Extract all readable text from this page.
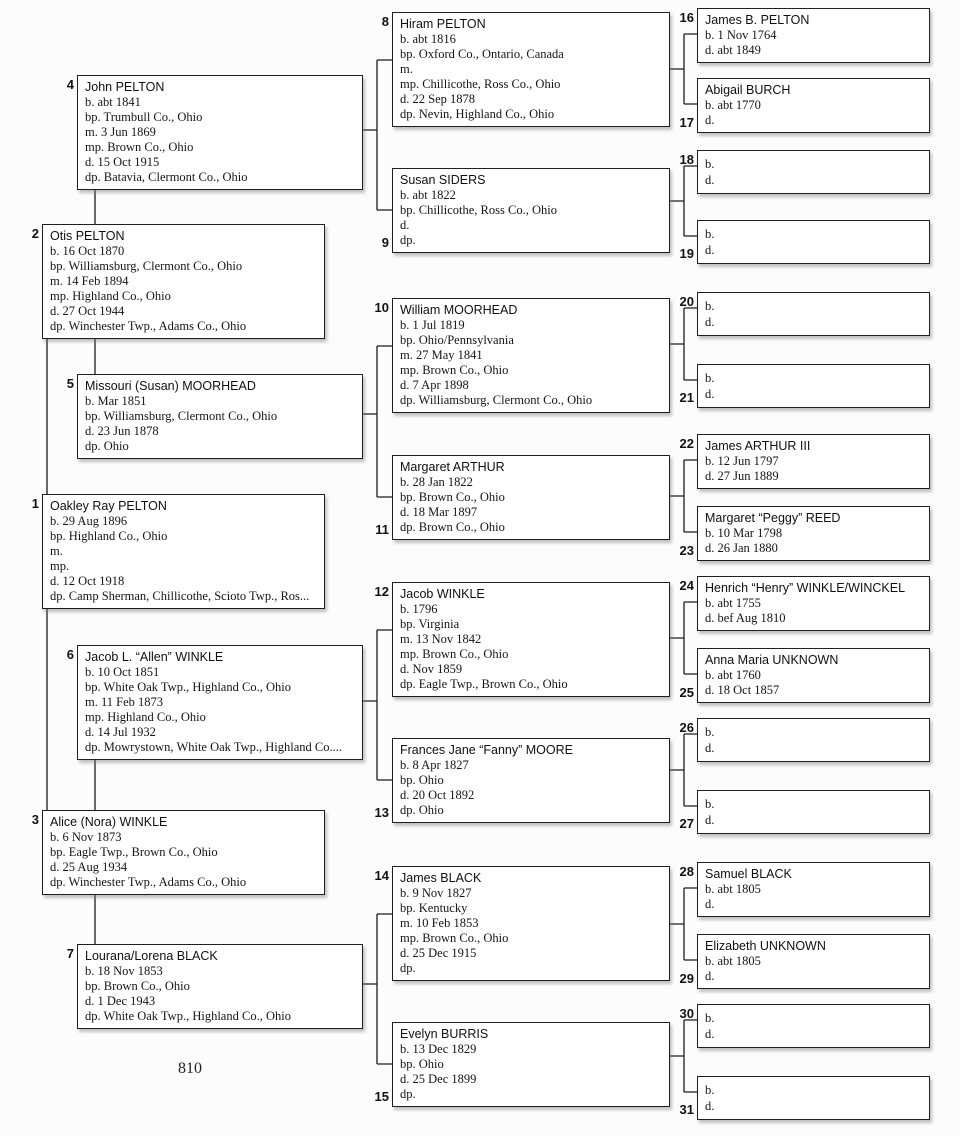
810
1 Oakley Ray PELTON
b. 29 Aug 1896
bp. Highland Co., Ohio
m.
mp.
d. 12 Oct 1918
dp. Camp Sherman, Chillicothe, Scioto Twp., Ros...
2 Otis PELTON
b. 16 Oct 1870
bp. Williamsburg, Clermont Co., Ohio
m. 14 Feb 1894
mp. Highland Co., Ohio
d. 27 Oct 1944
dp. Winchester Twp., Adams Co., Ohio
3 Alice (Nora) WINKLE
b. 6 Nov 1873
bp. Eagle Twp., Brown Co., Ohio
d. 25 Aug 1934
dp. Winchester Twp., Adams Co., Ohio
4 John PELTON
b. abt 1841
bp. Trumbull Co., Ohio
m. 3 Jun 1869
mp. Brown Co., Ohio
d. 15 Oct 1915
dp. Batavia, Clermont Co., Ohio
5 Missouri (Susan) MOORHEAD
b. Mar 1851
bp. Williamsburg, Clermont Co., Ohio
d. 23 Jun 1878
dp. Ohio
6 Jacob L. “Allen” WINKLE
b. 10 Oct 1851
bp. White Oak Twp., Highland Co., Ohio
m. 11 Feb 1873
mp. Highland Co., Ohio
d. 14 Jul 1932
dp. Mowrystown, White Oak Twp., Highland Co....
7 Lourana/Lorena BLACK
b. 18 Nov 1853
bp. Brown Co., Ohio
d. 1 Dec 1943
dp. White Oak Twp., Highland Co., Ohio
8 Hiram PELTON
b. abt 1816
bp. Oxford Co., Ontario, Canada
m.
mp. Chillicothe, Ross Co., Ohio
d. 22 Sep 1878
dp. Nevin, Highland Co., Ohio
9
Susan SIDERS
b. abt 1822
bp. Chillicothe, Ross Co., Ohio
d.
dp.
10 William MOORHEAD
b. 1 Jul 1819
bp. Ohio/Pennsylvania
m. 27 May 1841
mp. Brown Co., Ohio
d. 7 Apr 1898
dp. Williamsburg, Clermont Co., Ohio
11
Margaret ARTHUR
b. 28 Jan 1822
bp. Brown Co., Ohio
d. 18 Mar 1897
dp. Brown Co., Ohio
12 Jacob WINKLE
b. 1796
bp. Virginia
m. 13 Nov 1842
mp. Brown Co., Ohio
d. Nov 1859
dp. Eagle Twp., Brown Co., Ohio
13
Frances Jane “Fanny” MOORE
b. 8 Apr 1827
bp. Ohio
d. 20 Oct 1892
dp. Ohio
14 James BLACK
b. 9 Nov 1827
bp. Kentucky
m. 10 Feb 1853
mp. Brown Co., Ohio
d. 25 Dec 1915
dp.
15
Evelyn BURRIS
b. 13 Dec 1829
bp. Ohio
d. 25 Dec 1899
dp.
16 James B. PELTON
b. 1 Nov 1764
d. abt 1849
17
Abigail BURCH
b. abt 1770
d.
18 b.
d.
19
b.
d.
20 b.
d.
21
b.
d.
22 James ARTHUR III
b. 12 Jun 1797
d. 27 Jun 1889
23
Margaret “Peggy” REED
b. 10 Mar 1798
d. 26 Jan 1880
24 Henrich “Henry” WINKLE/WINCKEL
b. abt 1755
d. bef Aug 1810
25
Anna Maria UNKNOWN
b. abt 1760
d. 18 Oct 1857
26 b.
d.
27
b.
d.
28 Samuel BLACK
b. abt 1805
d.
29
Elizabeth UNKNOWN
b. abt 1805
d.
30 b.
d.
31
b.
d.
